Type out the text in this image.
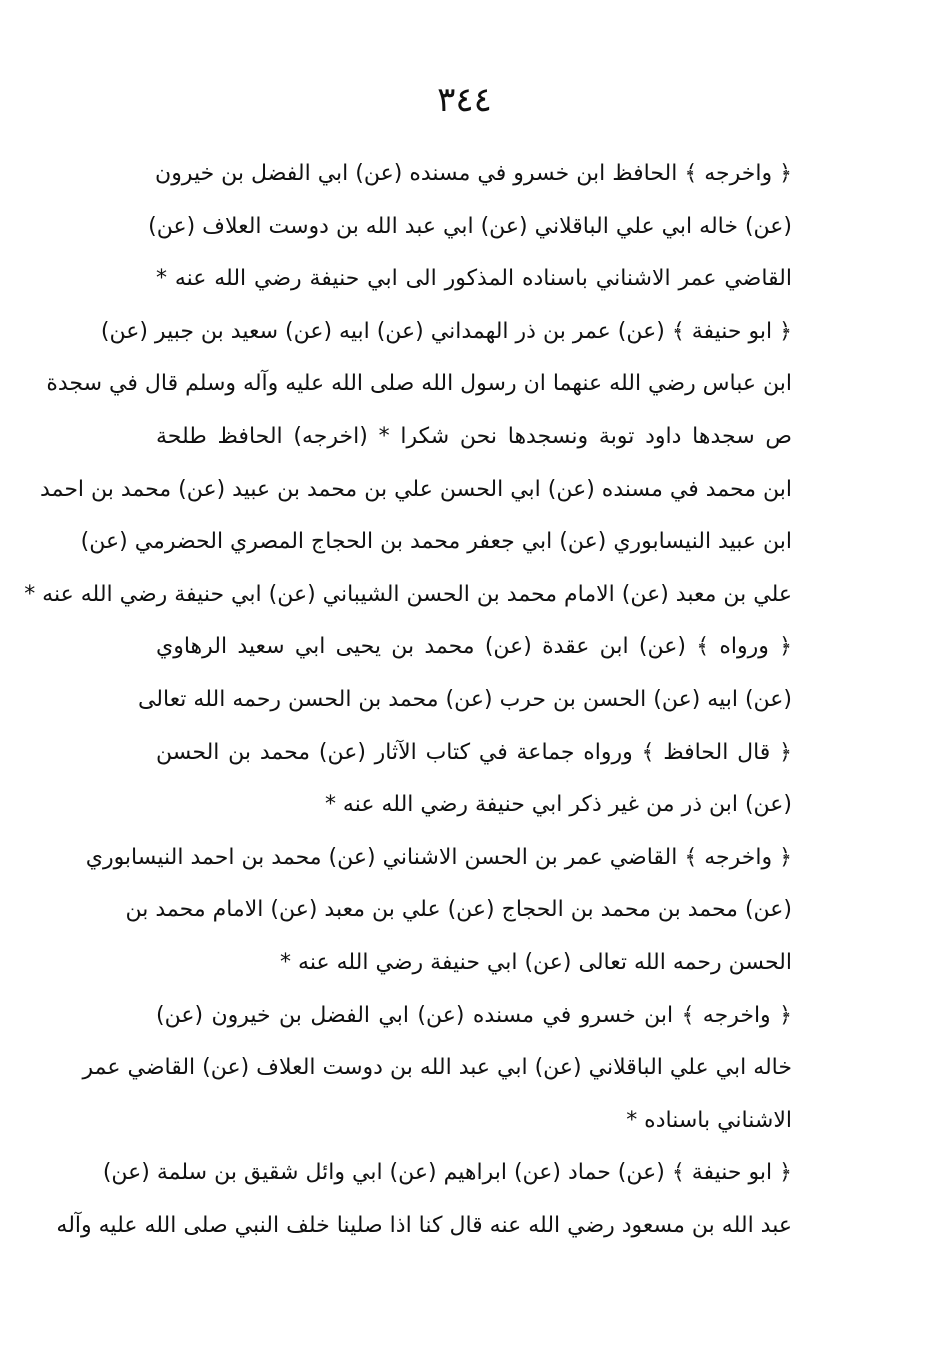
٣٤٤
﴿ واخرجه ﴾ الحافظ ابن خسرو في مسنده (عن) ابي الفضل بن خيرون
(عن) خاله ابي علي الباقلاني (عن) ابي عبد الله بن دوست العلاف (عن)
القاضي عمر الاشناني باسناده المذكور الى ابي حنيفة رضي الله عنه *
﴿ ابو حنيفة ﴾ (عن) عمر بن ذر الهمداني (عن) ابيه (عن) سعيد بن جبير (عن)
ابن عباس رضي الله عنهما ان رسول الله صلى الله عليه وآله وسلم قال في سجدة
ص سجدها داود توبة ونسجدها نحن شكرا * (اخرجه) الحافظ طلحة
ابن محمد في مسنده (عن) ابي الحسن علي بن محمد بن عبيد (عن) محمد بن احمد
ابن عبيد النيسابوري (عن) ابي جعفر محمد بن الحجاج المصري الحضرمي (عن)
علي بن معبد (عن) الامام محمد بن الحسن الشيباني (عن) ابي حنيفة رضي الله عنه *
﴿ ورواه ﴾ (عن) ابن عقدة (عن) محمد بن يحيى ابي سعيد الرهاوي
(عن) ابيه (عن) الحسن بن حرب (عن) محمد بن الحسن رحمه الله تعالى
﴿ قال الحافظ ﴾ ورواه جماعة في كتاب الآثار (عن) محمد بن الحسن
(عن) ابن ذر من غير ذكر ابي حنيفة رضي الله عنه *
﴿ واخرجه ﴾ القاضي عمر بن الحسن الاشناني (عن) محمد بن احمد النيسابوري
(عن) محمد بن محمد بن الحجاج (عن) علي بن معبد (عن) الامام محمد بن
الحسن رحمه الله تعالى (عن) ابي حنيفة رضي الله عنه *
﴿ واخرجه ﴾ ابن خسرو في مسنده (عن) ابي الفضل بن خيرون (عن)
خاله ابي علي الباقلاني (عن) ابي عبد الله بن دوست العلاف (عن) القاضي عمر
الاشناني باسناده *
﴿ ابو حنيفة ﴾ (عن) حماد (عن) ابراهيم (عن) ابي وائل شقيق بن سلمة (عن)
عبد الله بن مسعود رضي الله عنه قال كنا اذا صلينا خلف النبي صلى الله عليه وآله
